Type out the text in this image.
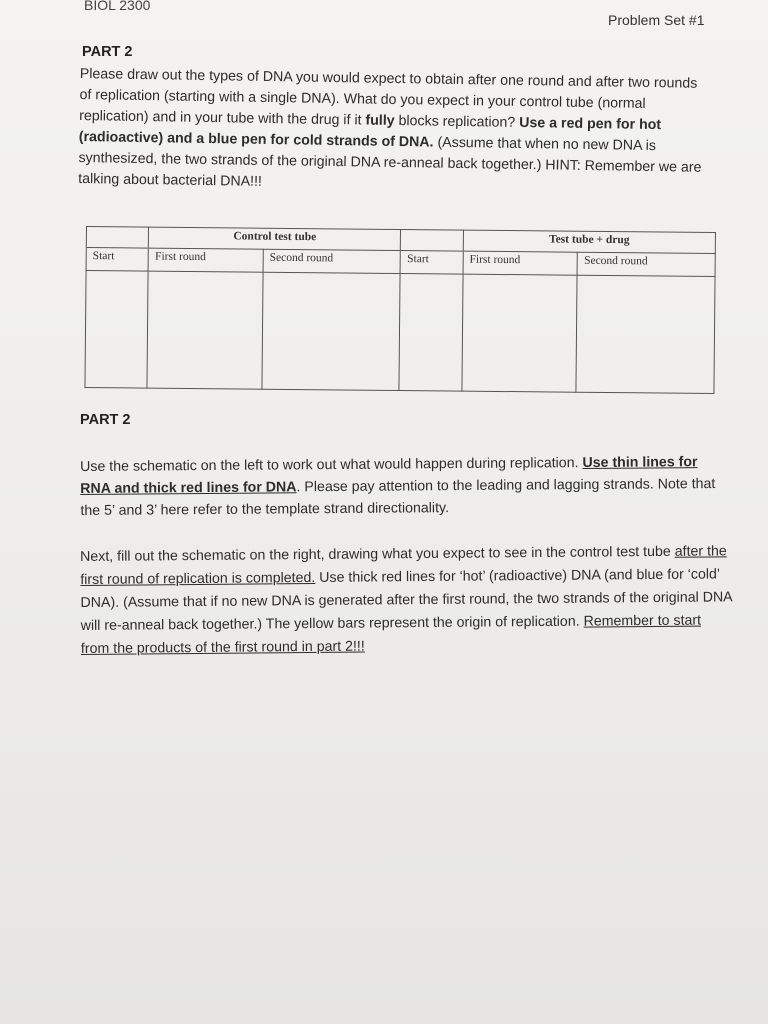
BIOL 2300
Problem Set #1
PART 2
Please draw out the types of DNA you would expect to obtain after one round and after two rounds of replication (starting with a single DNA). What do you expect in your control tube (normal replication) and in your tube with the drug if it fully blocks replication? Use a red pen for hot (radioactive) and a blue pen for cold strands of DNA. (Assume that when no new DNA is synthesized, the two strands of the original DNA re-anneal back together.) HINT: Remember we are talking about bacterial DNA!!!
	Control test tube			Test tube + drug	
Start	First round	Second round	Start	First round	Second round

PART 2

Use the schematic on the left to work out what would happen during replication. Use thin lines for RNA and thick red lines for DNA. Please pay attention to the leading and lagging strands. Note that the 5’ and 3’ here refer to the template strand directionality.

Next, fill out the schematic on the right, drawing what you expect to see in the control test tube after the first round of replication is completed. Use thick red lines for ‘hot’ (radioactive) DNA (and blue for ‘cold’ DNA). (Assume that if no new DNA is generated after the first round, the two strands of the original DNA will re-anneal back together.) The yellow bars represent the origin of replication. Remember to start from the products of the first round in part 2!!!
